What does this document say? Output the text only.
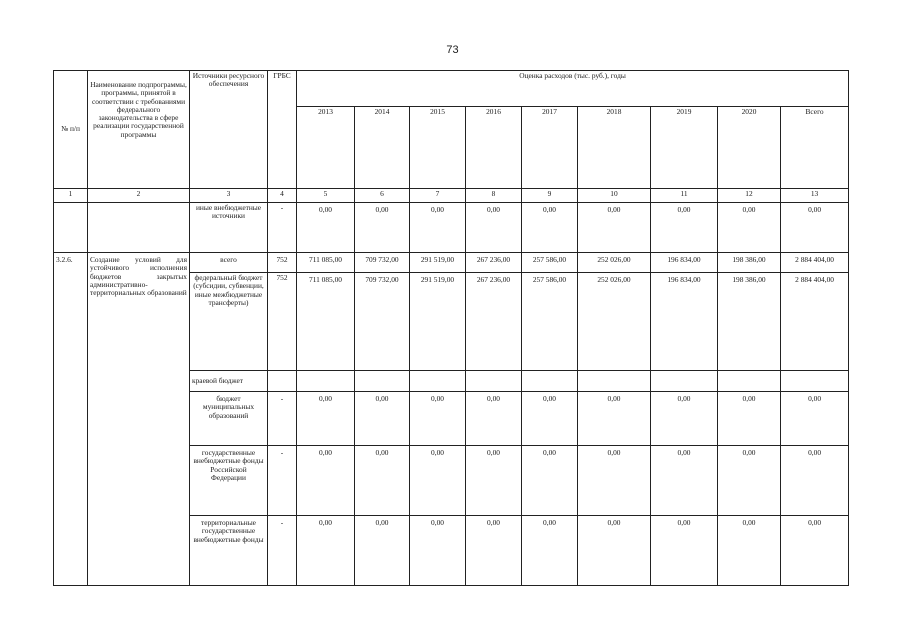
73
№ п/п	Наименование подпрограммы, программы, принятой в соответствии с требованиями федерального законодательства в сфере реализации государственной программы	Источники ресурсного обеспечения	ГРБС	Оценка расходов (тыс. руб.), годы								
				2013	2014	2015	2016	2017	2018	2019	2020	Всего
1	2	3	4	5	6	7	8	9	10	11	12	13
		иные внебюджетные источники	-	0,00	0,00	0,00	0,00	0,00	0,00	0,00	0,00	0,00
3.2.6.	Создание условий для устойчивого исполнения бюджетов закрытых административно-территориальных образований	всего	752	711 085,00	709 732,00	291 519,00	267 236,00	257 586,00	252 026,00	196 834,00	198 386,00	2 884 404,00
		федеральный бюджет (субсидии, субвенции, иные межбюджетные трансферты)	752	711 085,00	709 732,00	291 519,00	267 236,00	257 586,00	252 026,00	196 834,00	198 386,00	2 884 404,00
		краевой бюджет										
		бюджет муниципальных образований	-	0,00	0,00	0,00	0,00	0,00	0,00	0,00	0,00	0,00
		государственные внебюджетные фонды Российской Федерации	-	0,00	0,00	0,00	0,00	0,00	0,00	0,00	0,00	0,00
		территориальные государственные внебюджетные фонды	-	0,00	0,00	0,00	0,00	0,00	0,00	0,00	0,00	0,00
